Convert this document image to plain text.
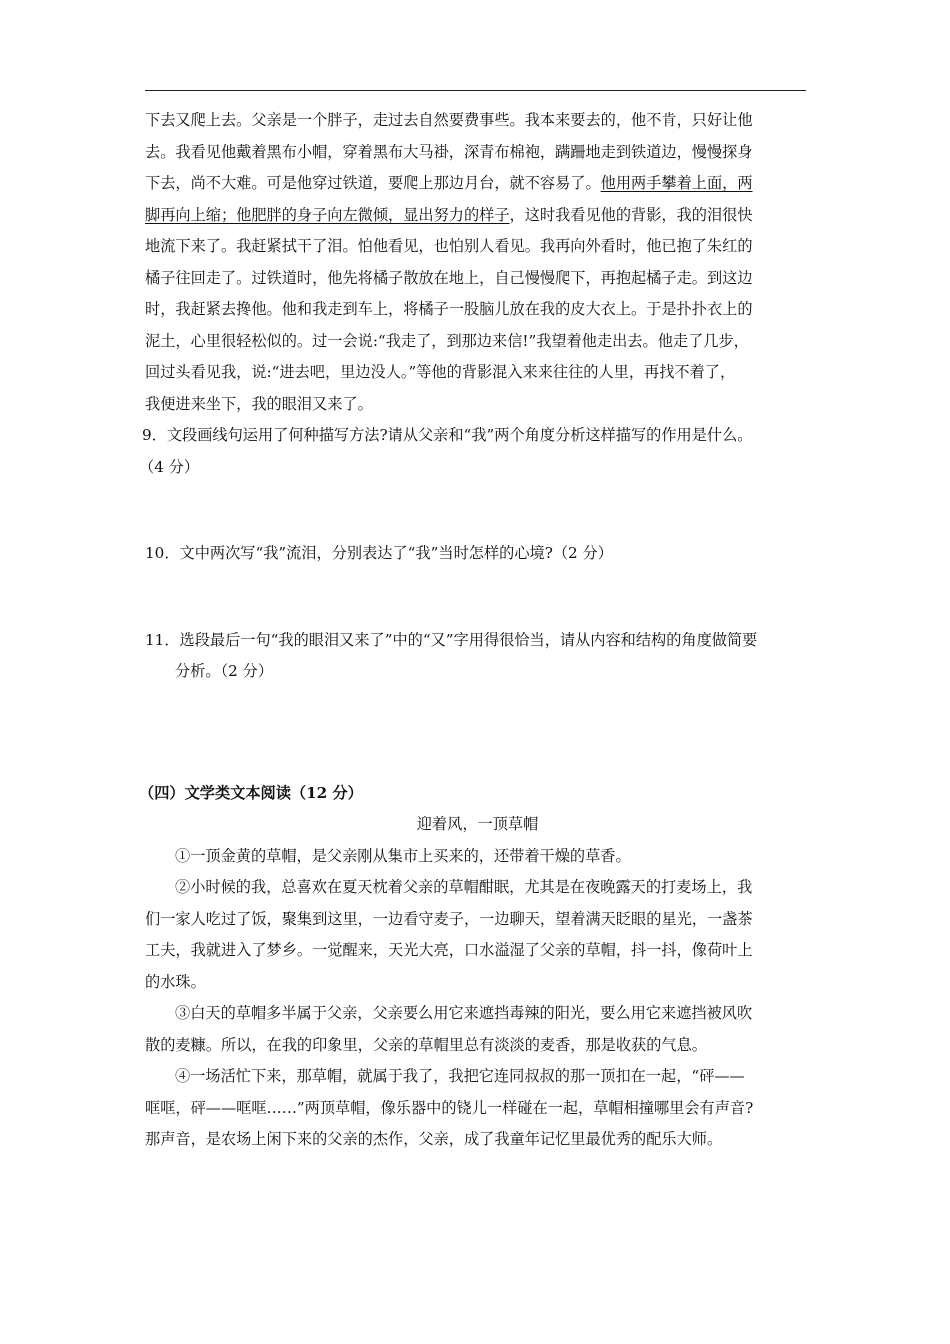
下去又爬上去。父亲是一个胖子，走过去自然要费事些。我本来要去的，他不肯，只好让他

去。我看见他戴着黑布小帽，穿着黑布大马褂，深青布棉袍，蹒跚地走到铁道边，慢慢探身

下去，尚不大难。可是他穿过铁道，要爬上那边月台，就不容易了。他用两手攀着上面，两

脚再向上缩；他肥胖的身子向左微倾，显出努力的样子，这时我看见他的背影，我的泪很快

地流下来了。我赶紧拭干了泪。怕他看见，也怕别人看见。我再向外看时，他已抱了朱红的

橘子往回走了。过铁道时，他先将橘子散放在地上，自己慢慢爬下，再抱起橘子走。到这边

时，我赶紧去搀他。他和我走到车上，将橘子一股脑儿放在我的皮大衣上。于是扑扑衣上的

泥土，心里很轻松似的。过一会说:“我走了，到那边来信!”我望着他走出去。他走了几步，

回过头看见我，说:“进去吧，里边没人。”等他的背影混入来来往往的人里，再找不着了，

我便进来坐下，我的眼泪又来了。

9．文段画线句运用了何种描写方法?请从父亲和“我”两个角度分析这样描写的作用是什么。

（4 分）

10．文中两次写“我”流泪，分别表达了“我”当时怎样的心境?（2 分）

11．选段最后一句“我的眼泪又来了”中的“又”字用得很恰当，请从内容和结构的角度做简要

分析。（2 分）

（四）文学类文本阅读（12 分）

迎着风，一顶草帽

①一顶金黄的草帽，是父亲刚从集市上买来的，还带着干燥的草香。

②小时候的我，总喜欢在夏天枕着父亲的草帽酣眠，尤其是在夜晚露天的打麦场上，我

们一家人吃过了饭，聚集到这里，一边看守麦子，一边聊天，望着满天眨眼的星光，一盏茶

工夫，我就进入了梦乡。一觉醒来，天光大亮，口水溢湿了父亲的草帽，抖一抖，像荷叶上

的水珠。

③白天的草帽多半属于父亲，父亲要么用它来遮挡毒辣的阳光，要么用它来遮挡被风吹

散的麦糠。所以，在我的印象里，父亲的草帽里总有淡淡的麦香，那是收获的气息。

④一场活忙下来，那草帽，就属于我了，我把它连同叔叔的那一顶扣在一起，“砰——

哐哐，砰——哐哐……”两顶草帽，像乐器中的铙儿一样碰在一起，草帽相撞哪里会有声音?

那声音，是农场上闲下来的父亲的杰作，父亲，成了我童年记忆里最优秀的配乐大师。
